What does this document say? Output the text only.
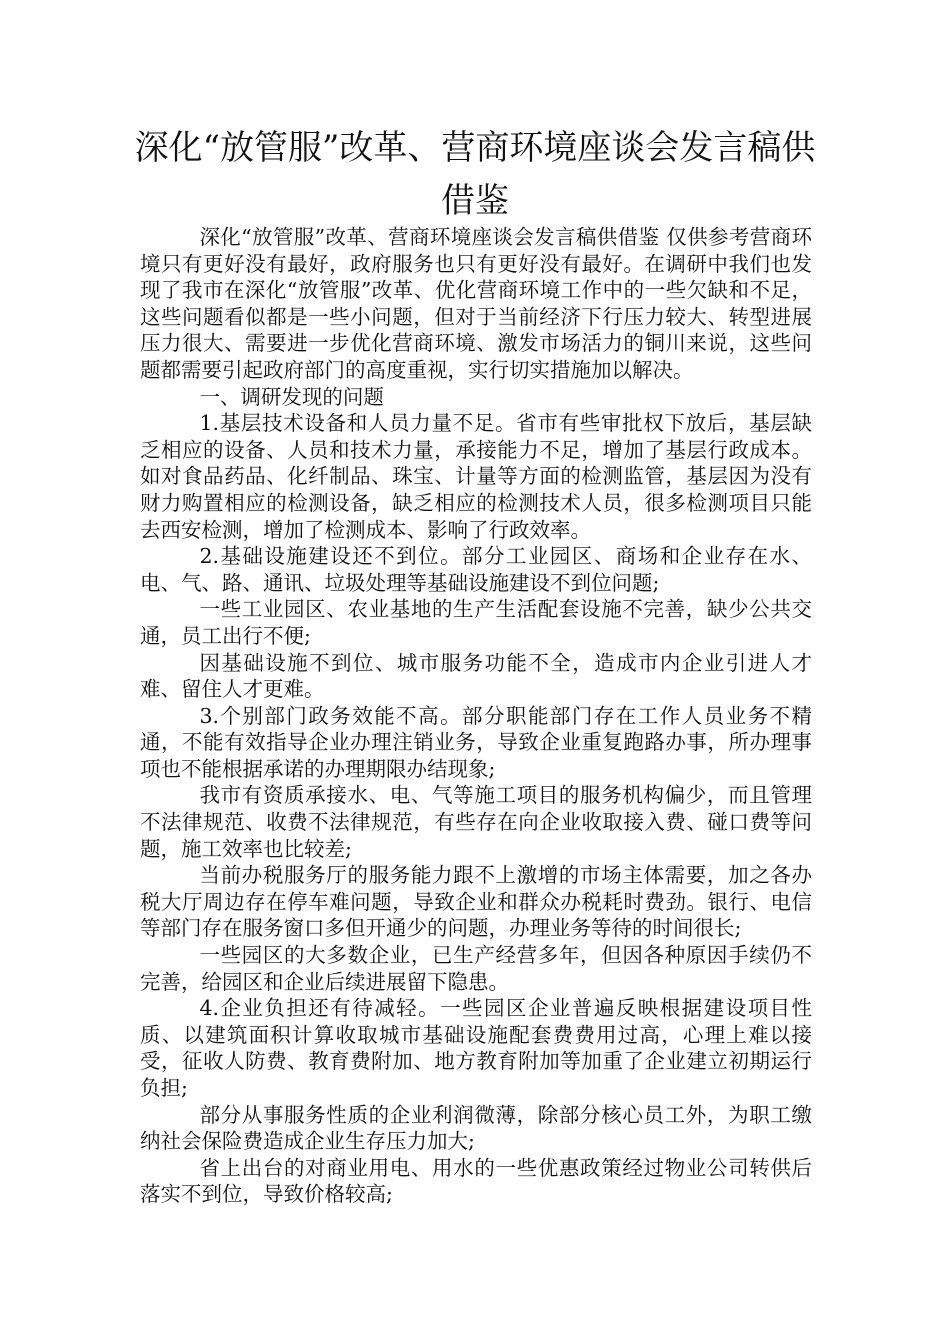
深化“放管服”改革、营商环境座谈会发言稿供借鉴

深化“放管服”改革、营商环境座谈会发言稿供借鉴 仅供参考营商环境只有更好没有最好，政府服务也只有更好没有最好。在调研中我们也发现了我市在深化“放管服”改革、优化营商环境工作中的一些欠缺和不足，这些问题看似都是一些小问题，但对于当前经济下行压力较大、转型进展压力很大、需要进一步优化营商环境、激发市场活力的铜川来说，这些问题都需要引起政府部门的高度重视，实行切实措施加以解决。

一、调研发现的问题

1.基层技术设备和人员力量不足。省市有些审批权下放后，基层缺乏相应的设备、人员和技术力量，承接能力不足，增加了基层行政成本。如对食品药品、化纤制品、珠宝、计量等方面的检测监管，基层因为没有财力购置相应的检测设备，缺乏相应的检测技术人员，很多检测项目只能去西安检测，增加了检测成本、影响了行政效率。

2.基础设施建设还不到位。部分工业园区、商场和企业存在水、电、气、路、通讯、垃圾处理等基础设施建设不到位问题;

一些工业园区、农业基地的生产生活配套设施不完善，缺少公共交通，员工出行不便;

因基础设施不到位、城市服务功能不全，造成市内企业引进人才难、留住人才更难。

3.个别部门政务效能不高。部分职能部门存在工作人员业务不精通，不能有效指导企业办理注销业务，导致企业重复跑路办事，所办理事项也不能根据承诺的办理期限办结现象;

我市有资质承接水、电、气等施工项目的服务机构偏少，而且管理不法律规范、收费不法律规范，有些存在向企业收取接入费、碰口费等问题，施工效率也比较差;

当前办税服务厅的服务能力跟不上激增的市场主体需要，加之各办税大厅周边存在停车难问题，导致企业和群众办税耗时费劲。银行、电信等部门存在服务窗口多但开通少的问题，办理业务等待的时间很长;

一些园区的大多数企业，已生产经营多年，但因各种原因手续仍不完善，给园区和企业后续进展留下隐患。

4.企业负担还有待减轻。一些园区企业普遍反映根据建设项目性质、以建筑面积计算收取城市基础设施配套费费用过高，心理上难以接受，征收人防费、教育费附加、地方教育附加等加重了企业建立初期运行负担;

部分从事服务性质的企业利润微薄，除部分核心员工外，为职工缴纳社会保险费造成企业生存压力加大;

省上出台的对商业用电、用水的一些优惠政策经过物业公司转供后落实不到位，导致价格较高;
